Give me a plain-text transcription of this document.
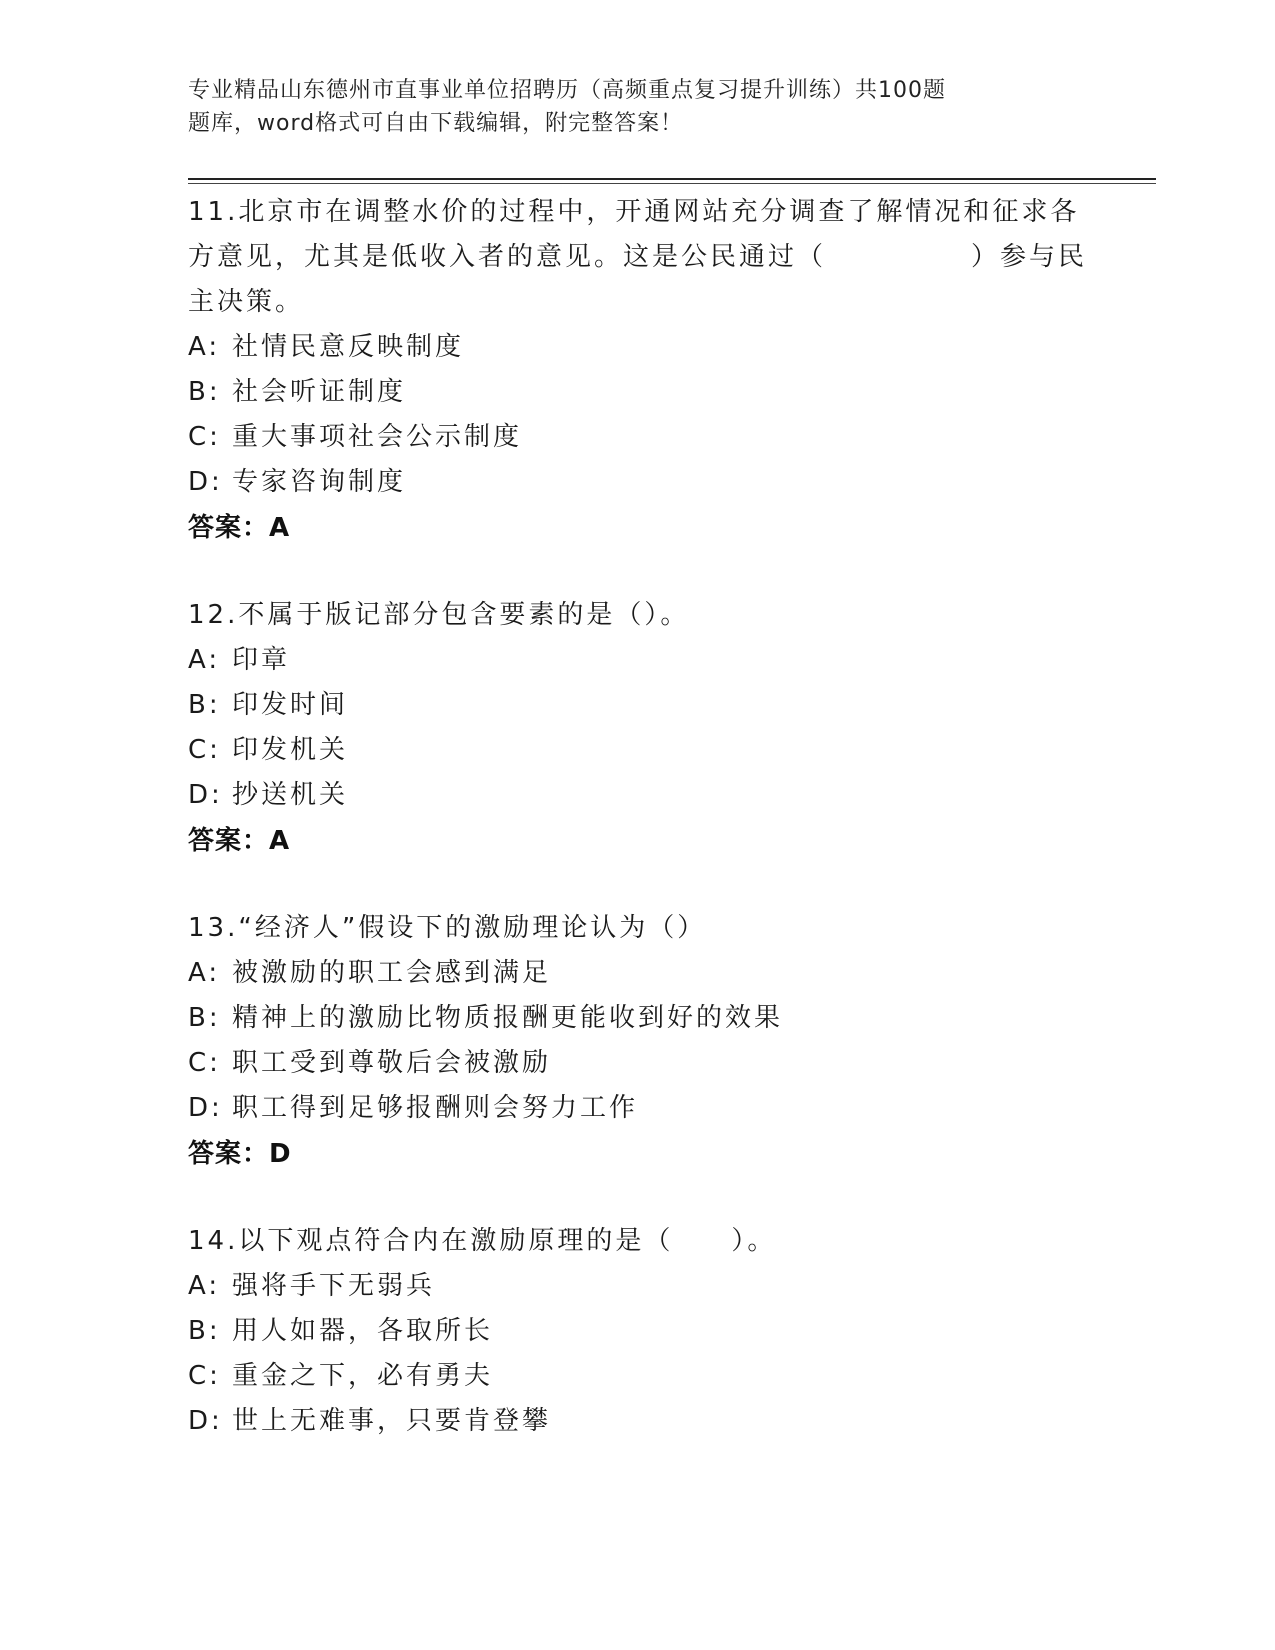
专业精品山东德州市直事业单位招聘历（高频重点复习提升训练）共100题
题库，word格式可自由下载编辑，附完整答案！
11.北京市在调整水价的过程中，开通网站充分调查了解情况和征求各
方意见，尤其是低收入者的意见。这是公民通过（　　　　　）参与民
主决策。
A: 社情民意反映制度
B: 社会听证制度
C: 重大事项社会公示制度
D: 专家咨询制度
答案：A
12.不属于版记部分包含要素的是（）。
A: 印章
B: 印发时间
C: 印发机关
D: 抄送机关
答案：A
13.“经济人”假设下的激励理论认为（）
A: 被激励的职工会感到满足
B: 精神上的激励比物质报酬更能收到好的效果
C: 职工受到尊敬后会被激励
D: 职工得到足够报酬则会努力工作
答案：D
14.以下观点符合内在激励原理的是（　　）。
A: 强将手下无弱兵
B: 用人如器，各取所长
C: 重金之下，必有勇夫
D: 世上无难事，只要肯登攀
